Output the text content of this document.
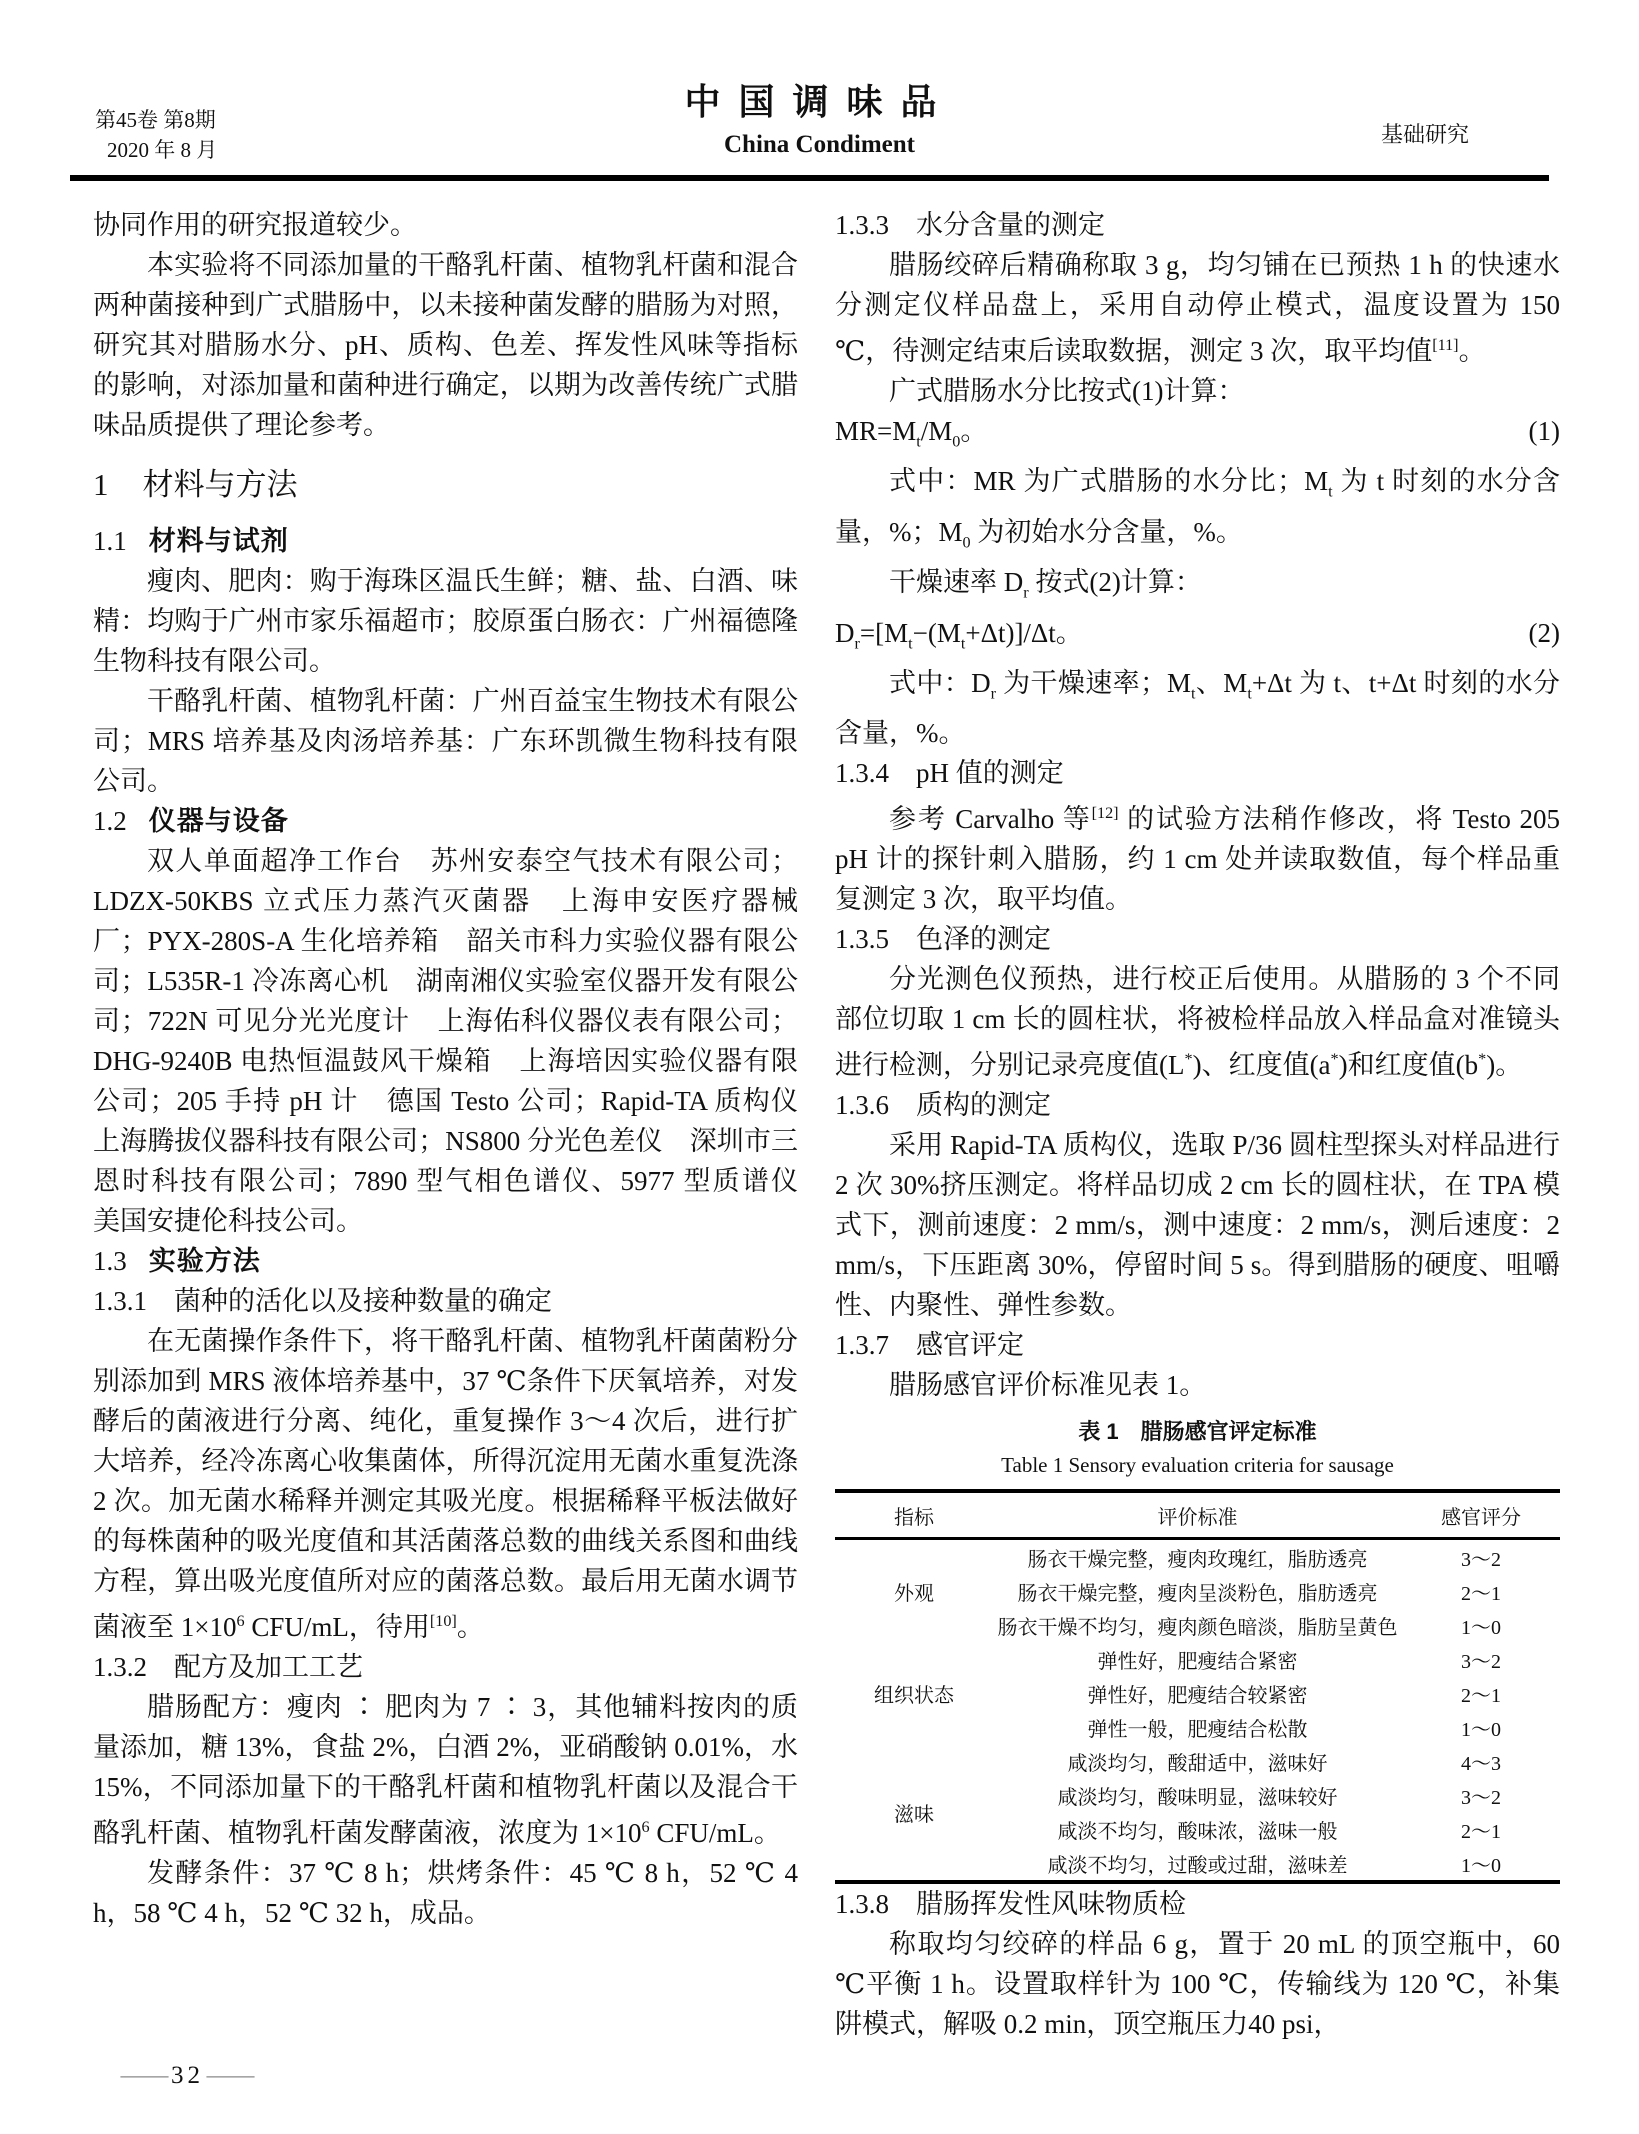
第45卷 第8期
2020 年 8 月
中国调味品
China Condiment	基础研究

协同作用的研究报道较少。

本实验将不同添加量的干酪乳杆菌、植物乳杆菌和混合两种菌接种到广式腊肠中，以未接种菌发酵的腊肠为对照，研究其对腊肠水分、pH、质构、色差、挥发性风味等指标的影响，对添加量和菌种进行确定，以期为改善传统广式腊味品质提供了理论参考。

1 材料与方法
1.1 材料与试剂

瘦肉、肥肉：购于海珠区温氏生鲜；糖、盐、白酒、味精：均购于广州市家乐福超市；胶原蛋白肠衣：广州福德隆生物科技有限公司。

干酪乳杆菌、植物乳杆菌：广州百益宝生物技术有限公司；MRS 培养基及肉汤培养基：广东环凯微生物科技有限公司。

1.2 仪器与设备

双人单面超净工作台　苏州安泰空气技术有限公司；LDZX-50KBS 立式压力蒸汽灭菌器　上海申安医疗器械厂；PYX-280S-A 生化培养箱　韶关市科力实验仪器有限公司；L535R-1 冷冻离心机　湖南湘仪实验室仪器开发有限公司；722N 可见分光光度计　上海佑科仪器仪表有限公司；DHG-9240B 电热恒温鼓风干燥箱　上海培因实验仪器有限公司；205 手持 pH 计　德国 Testo 公司；Rapid-TA 质构仪　上海腾拔仪器科技有限公司；NS800 分光色差仪　深圳市三恩时科技有限公司；7890 型气相色谱仪、5977 型质谱仪　美国安捷伦科技公司。

1.3 实验方法

1.3.1　菌种的活化以及接种数量的确定

在无菌操作条件下，将干酪乳杆菌、植物乳杆菌菌粉分别添加到 MRS 液体培养基中，37 ℃条件下厌氧培养，对发酵后的菌液进行分离、纯化，重复操作 3～4 次后，进行扩大培养，经冷冻离心收集菌体，所得沉淀用无菌水重复洗涤 2 次。加无菌水稀释并测定其吸光度。根据稀释平板法做好的每株菌种的吸光度值和其活菌落总数的曲线关系图和曲线方程，算出吸光度值所对应的菌落总数。最后用无菌水调节菌液至 $1\times 10^6$ CFU/mL，待用[10]。

1.3.2　配方及加工工艺

腊肠配方：瘦肉 ∶ 肥肉为 7 ∶ 3，其他辅料按肉的质量添加，糖 13%，食盐 2%，白酒 2%，亚硝酸钠 0.01%，水 15%，不同添加量下的干酪乳杆菌和植物乳杆菌以及混合干酪乳杆菌、植物乳杆菌发酵菌液，浓度为 $1\times 10^6$ CFU/mL。

发酵条件：37 ℃ 8 h；烘烤条件：45 ℃ 8 h，52 ℃ 4 h，58 ℃ 4 h，52 ℃ 32 h，成品。

1.3.3　水分含量的测定

腊肠绞碎后精确称取 3 g，均匀铺在已预热 1 h 的快速水分测定仪样品盘上，采用自动停止模式，温度设置为 150 ℃，待测定结束后读取数据，测定 3 次，取平均值[11]。

广式腊肠水分比按式(1)计算：

$MR=M_t/M_0$。	(1)

式中：MR 为广式腊肠的水分比；$M_t$ 为 t 时刻的水分含量，%；$M_0$ 为初始水分含量，%。

干燥速率 $D_r$ 按式(2)计算：

$D_r=[M_t-(M_t+\Delta t)]/\Delta t$。	(2)

式中：$D_r$ 为干燥速率；$M_t$、$M_t+\Delta t$ 为 t、t+Δt 时刻的水分含量，%。

1.3.4　pH 值的测定

参考 Carvalho 等[12] 的试验方法稍作修改，将 Testo 205 pH 计的探针刺入腊肠，约 1 cm 处并读取数值，每个样品重复测定 3 次，取平均值。

1.3.5　色泽的测定

分光测色仪预热，进行校正后使用。从腊肠的 3 个不同部位切取 1 cm 长的圆柱状，将被检样品放入样品盒对准镜头进行检测，分别记录亮度值(L*)、红度值(a*)和红度值(b*)。

1.3.6　质构的测定

采用 Rapid-TA 质构仪，选取 P/36 圆柱型探头对样品进行 2 次 30%挤压测定。将样品切成 2 cm 长的圆柱状，在 TPA 模式下，测前速度：2 mm/s，测中速度：2 mm/s，测后速度：2 mm/s，下压距离 30%，停留时间 5 s。得到腊肠的硬度、咀嚼性、内聚性、弹性参数。

1.3.7　感官评定

腊肠感官评价标准见表 1。

表 1　腊肠感官评定标准
Table 1 Sensory evaluation criteria for sausage
指标	评价标准	感官评分
外观	肠衣干燥完整，瘦肉玫瑰红，脂肪透亮	3～2
	肠衣干燥完整，瘦肉呈淡粉色，脂肪透亮	2～1
	肠衣干燥不均匀，瘦肉颜色暗淡，脂肪呈黄色	1～0
组织状态	弹性好，肥瘦结合紧密	3～2
	弹性好，肥瘦结合较紧密	2～1
	弹性一般，肥瘦结合松散	1～0
滋味	咸淡均匀，酸甜适中，滋味好	4～3
	咸淡均匀，酸味明显，滋味较好	3～2
	咸淡不均匀，酸味浓，滋味一般	2～1
	咸淡不均匀，过酸或过甜，滋味差	1～0

1.3.8　腊肠挥发性风味物质检

称取均匀绞碎的样品 6 g，置于 20 mL 的顶空瓶中，60 ℃平衡 1 h。设置取样针为 100 ℃，传输线为 120 ℃，补集阱模式，解吸 0.2 min，顶空瓶压力40 psi，

— 32 —
